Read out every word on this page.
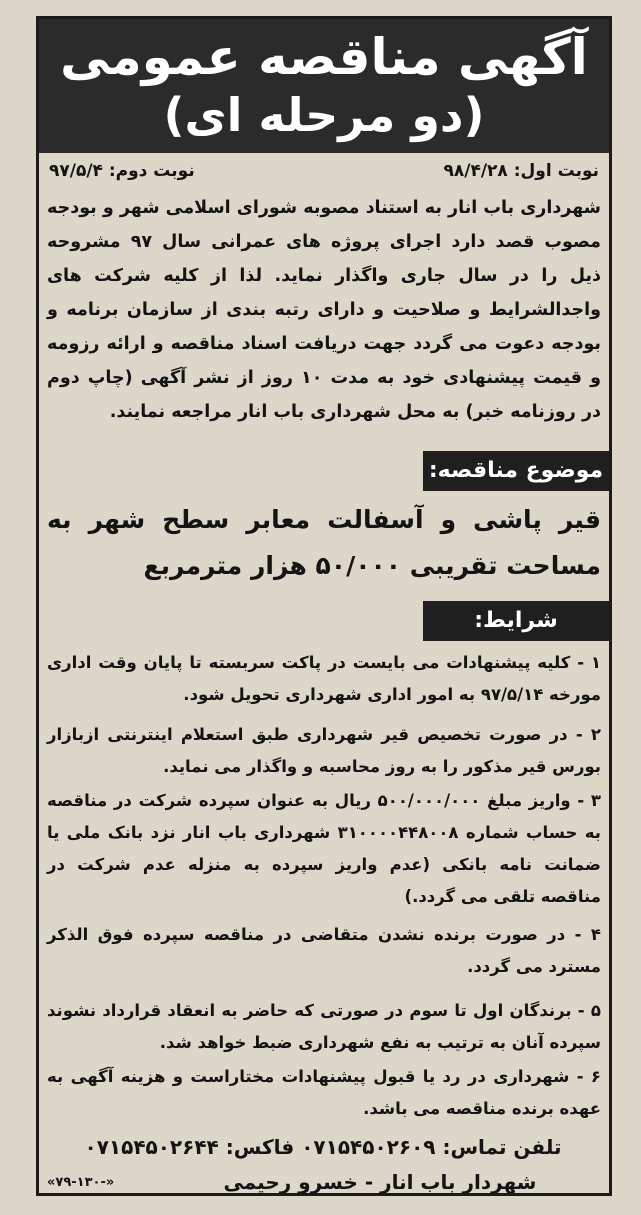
آگهی مناقصه عمومی
(دو مرحله ای)
نوبت اول: ۹۸/۴/۲۸
نوبت دوم: ۹۷/۵/۴
شهرداری باب انار به استناد مصوبه شورای اسلامی شهر و بودجه مصوب قصد دارد اجرای پروژه های عمرانی سال ۹۷ مشروحه ذیل را در سال جاری واگذار نماید. لذا از کلیه شرکت های واجدالشرایط و صلاحیت و دارای رتبه بندی از سازمان برنامه و بودجه دعوت می گردد جهت دریافت اسناد مناقصه و ارائه رزومه و قیمت پیشنهادی خود به مدت ۱۰ روز از نشر آگهی (چاپ دوم در روزنامه خبر) به محل شهرداری باب انار مراجعه نمایند.
موضوع مناقصه:
قیر پاشی و آسفالت معابر سطح شهر به مساحت تقریبی ۵۰/۰۰۰ هزار مترمربع
شرایط:
۱ - کلیه پیشنهادات می بایست در پاکت سربسته تا پایان وقت اداری مورخه ۹۷/۵/۱۴ به امور اداری شهرداری تحویل شود.
۲ - در صورت تخصیص قیر شهرداری طبق استعلام اینترنتی ازبازار بورس قیر مذکور را به روز محاسبه و واگذار می نماید.
۳ - واریز مبلغ ۵۰۰/۰۰۰/۰۰۰ ریال به عنوان سپرده شرکت در مناقصه به حساب شماره ۳۱۰۰۰۰۴۴۸۰۰۸ شهرداری باب انار نزد بانک ملی یا ضمانت نامه بانکی (عدم واریز سپرده به منزله عدم شرکت در مناقصه تلقی می گردد.)
۴ - در صورت برنده نشدن متقاضی در مناقصه سپرده فوق الذکر مسترد می گردد.
۵ - برندگان اول تا سوم در صورتی که حاضر به انعقاد قرارداد نشوند سپرده آنان به ترتیب به نفع شهرداری ضبط خواهد شد.
۶ - شهرداری در رد یا قبول پیشنهادات مختاراست و هزینه آگهی به عهده برنده مناقصه می باشد.
تلفن تماس: ۰۷۱۵۴۵۰۲۶۰۹ فاکس: ۰۷۱۵۴۵۰۲۶۴۴
شهردار باب انار - خسرو رحیمی
«۷۹-۱۳۰-»
